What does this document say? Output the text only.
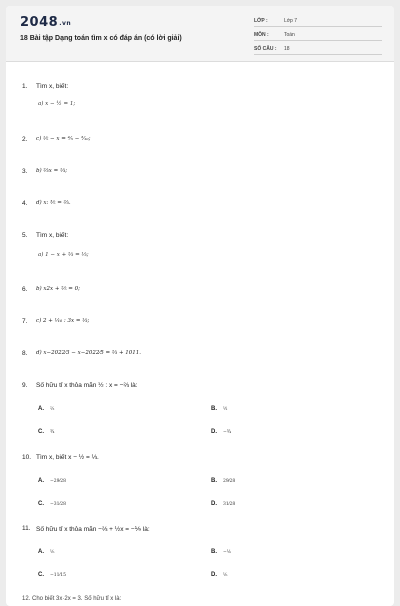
2048.vn
18 Bài tập Dạng toán tìm x có đáp án (có lời giải)
LỚP :	Lớp 7
MÔN :	Toán
SỐ CÂU : 18
1. Tìm x, biết:
a) x − ½ = 1;
2. c) ⅕ − x = ⁴⁄₅ − ³⁄₁₀;
3. b) ⅔x = ⅓;
4. d) x: ⅗ = ⅔.
5. Tìm x, biết:
a) 1 − x + ⅔ = ⅓;
6. b) x2x + ⅖ = 0;
7. c) 2 + ⅒ : 3x = ⅓;
8. d) x−2022⁄3 − x−2022⁄5 = ⅔ + 1011.
9. Số hữu tỉ x thỏa mãn ½ : x = −⅔ là:
A. ⅔	B. ½
C. ¾	D. −¾
10. Tìm x, biết x − ½ = ⅓.
A. −29⁄28	B. 29⁄28
C. −31⁄28	D. 31⁄28
11. Số hữu tỉ x thỏa mãn −⅔ + ½x = −⅑ là:
A. ⅙	B. −⅙
C. −11⁄15	D. ⅙
12. Cho biết 3x·2x = 3. Số hữu tỉ x là:
